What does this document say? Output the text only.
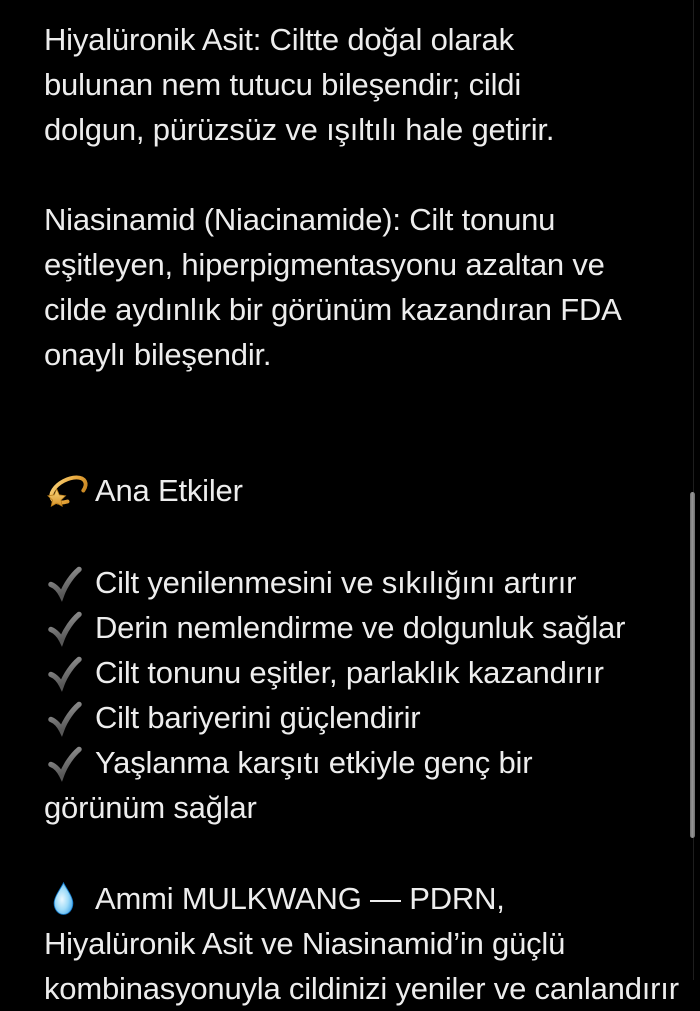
Hiyalüronik Asit: Ciltte doğal olarak
bulunan nem tutucu bileşendir; cildi
dolgun, pürüzsüz ve ışıltılı hale getirir.
Niasinamid (Niacinamide): Cilt tonunu
eşitleyen, hiperpigmentasyonu azaltan ve
cilde aydınlık bir görünüm kazandıran FDA
onaylı bileşendir.
Ana Etkiler
Cilt yenilenmesini ve sıkılığını artırır
Derin nemlendirme ve dolgunluk sağlar
Cilt tonunu eşitler, parlaklık kazandırır
Cilt bariyerini güçlendirir
Yaşlanma karşıtı etkiyle genç bir
görünüm sağlar
Ammi MULKWANG — PDRN,
Hiyalüronik Asit ve Niasinamid’in güçlü
kombinasyonuyla cildinizi yeniler ve canlandırır
